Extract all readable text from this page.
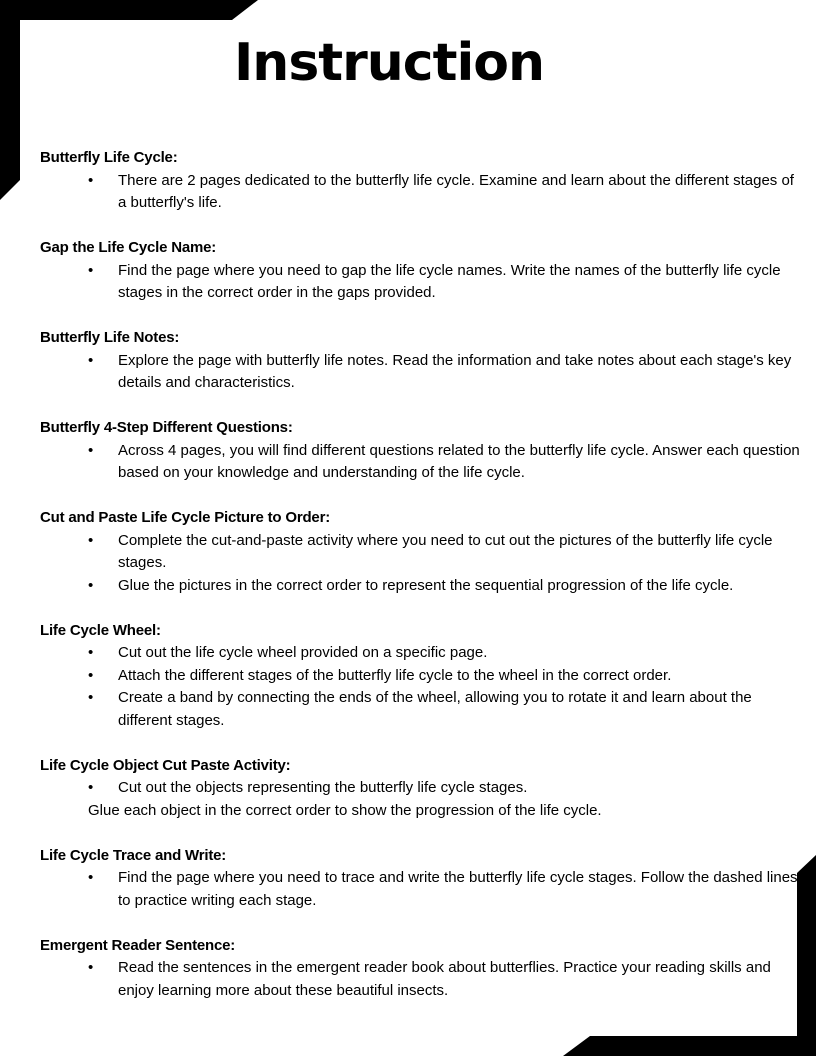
Instruction

Butterfly Life Cycle:

• There are 2 pages dedicated to the butterfly life cycle. Examine and learn about the different stages of a butterfly's life.

Gap the Life Cycle Name:

• Find the page where you need to gap the life cycle names. Write the names of the butterfly life cycle stages in the correct order in the gaps provided.

Butterfly Life Notes:

• Explore the page with butterfly life notes. Read the information and take notes about each stage's key details and characteristics.

Butterfly 4-Step Different Questions:

• Across 4 pages, you will find different questions related to the butterfly life cycle. Answer each question based on your knowledge and understanding of the life cycle.

Cut and Paste Life Cycle Picture to Order:

• Complete the cut-and-paste activity where you need to cut out the pictures of the butterfly life cycle stages.
• Glue the pictures in the correct order to represent the sequential progression of the life cycle.

Life Cycle Wheel:

• Cut out the life cycle wheel provided on a specific page.
• Attach the different stages of the butterfly life cycle to the wheel in the correct order.
• Create a band by connecting the ends of the wheel, allowing you to rotate it and learn about the different stages.

Life Cycle Object Cut Paste Activity:

• Cut out the objects representing the butterfly life cycle stages.

Glue each object in the correct order to show the progression of the life cycle.

Life Cycle Trace and Write:

• Find the page where you need to trace and write the butterfly life cycle stages. Follow the dashed lines to practice writing each stage.

Emergent Reader Sentence:

• Read the sentences in the emergent reader book about butterflies. Practice your reading skills and enjoy learning more about these beautiful insects.
